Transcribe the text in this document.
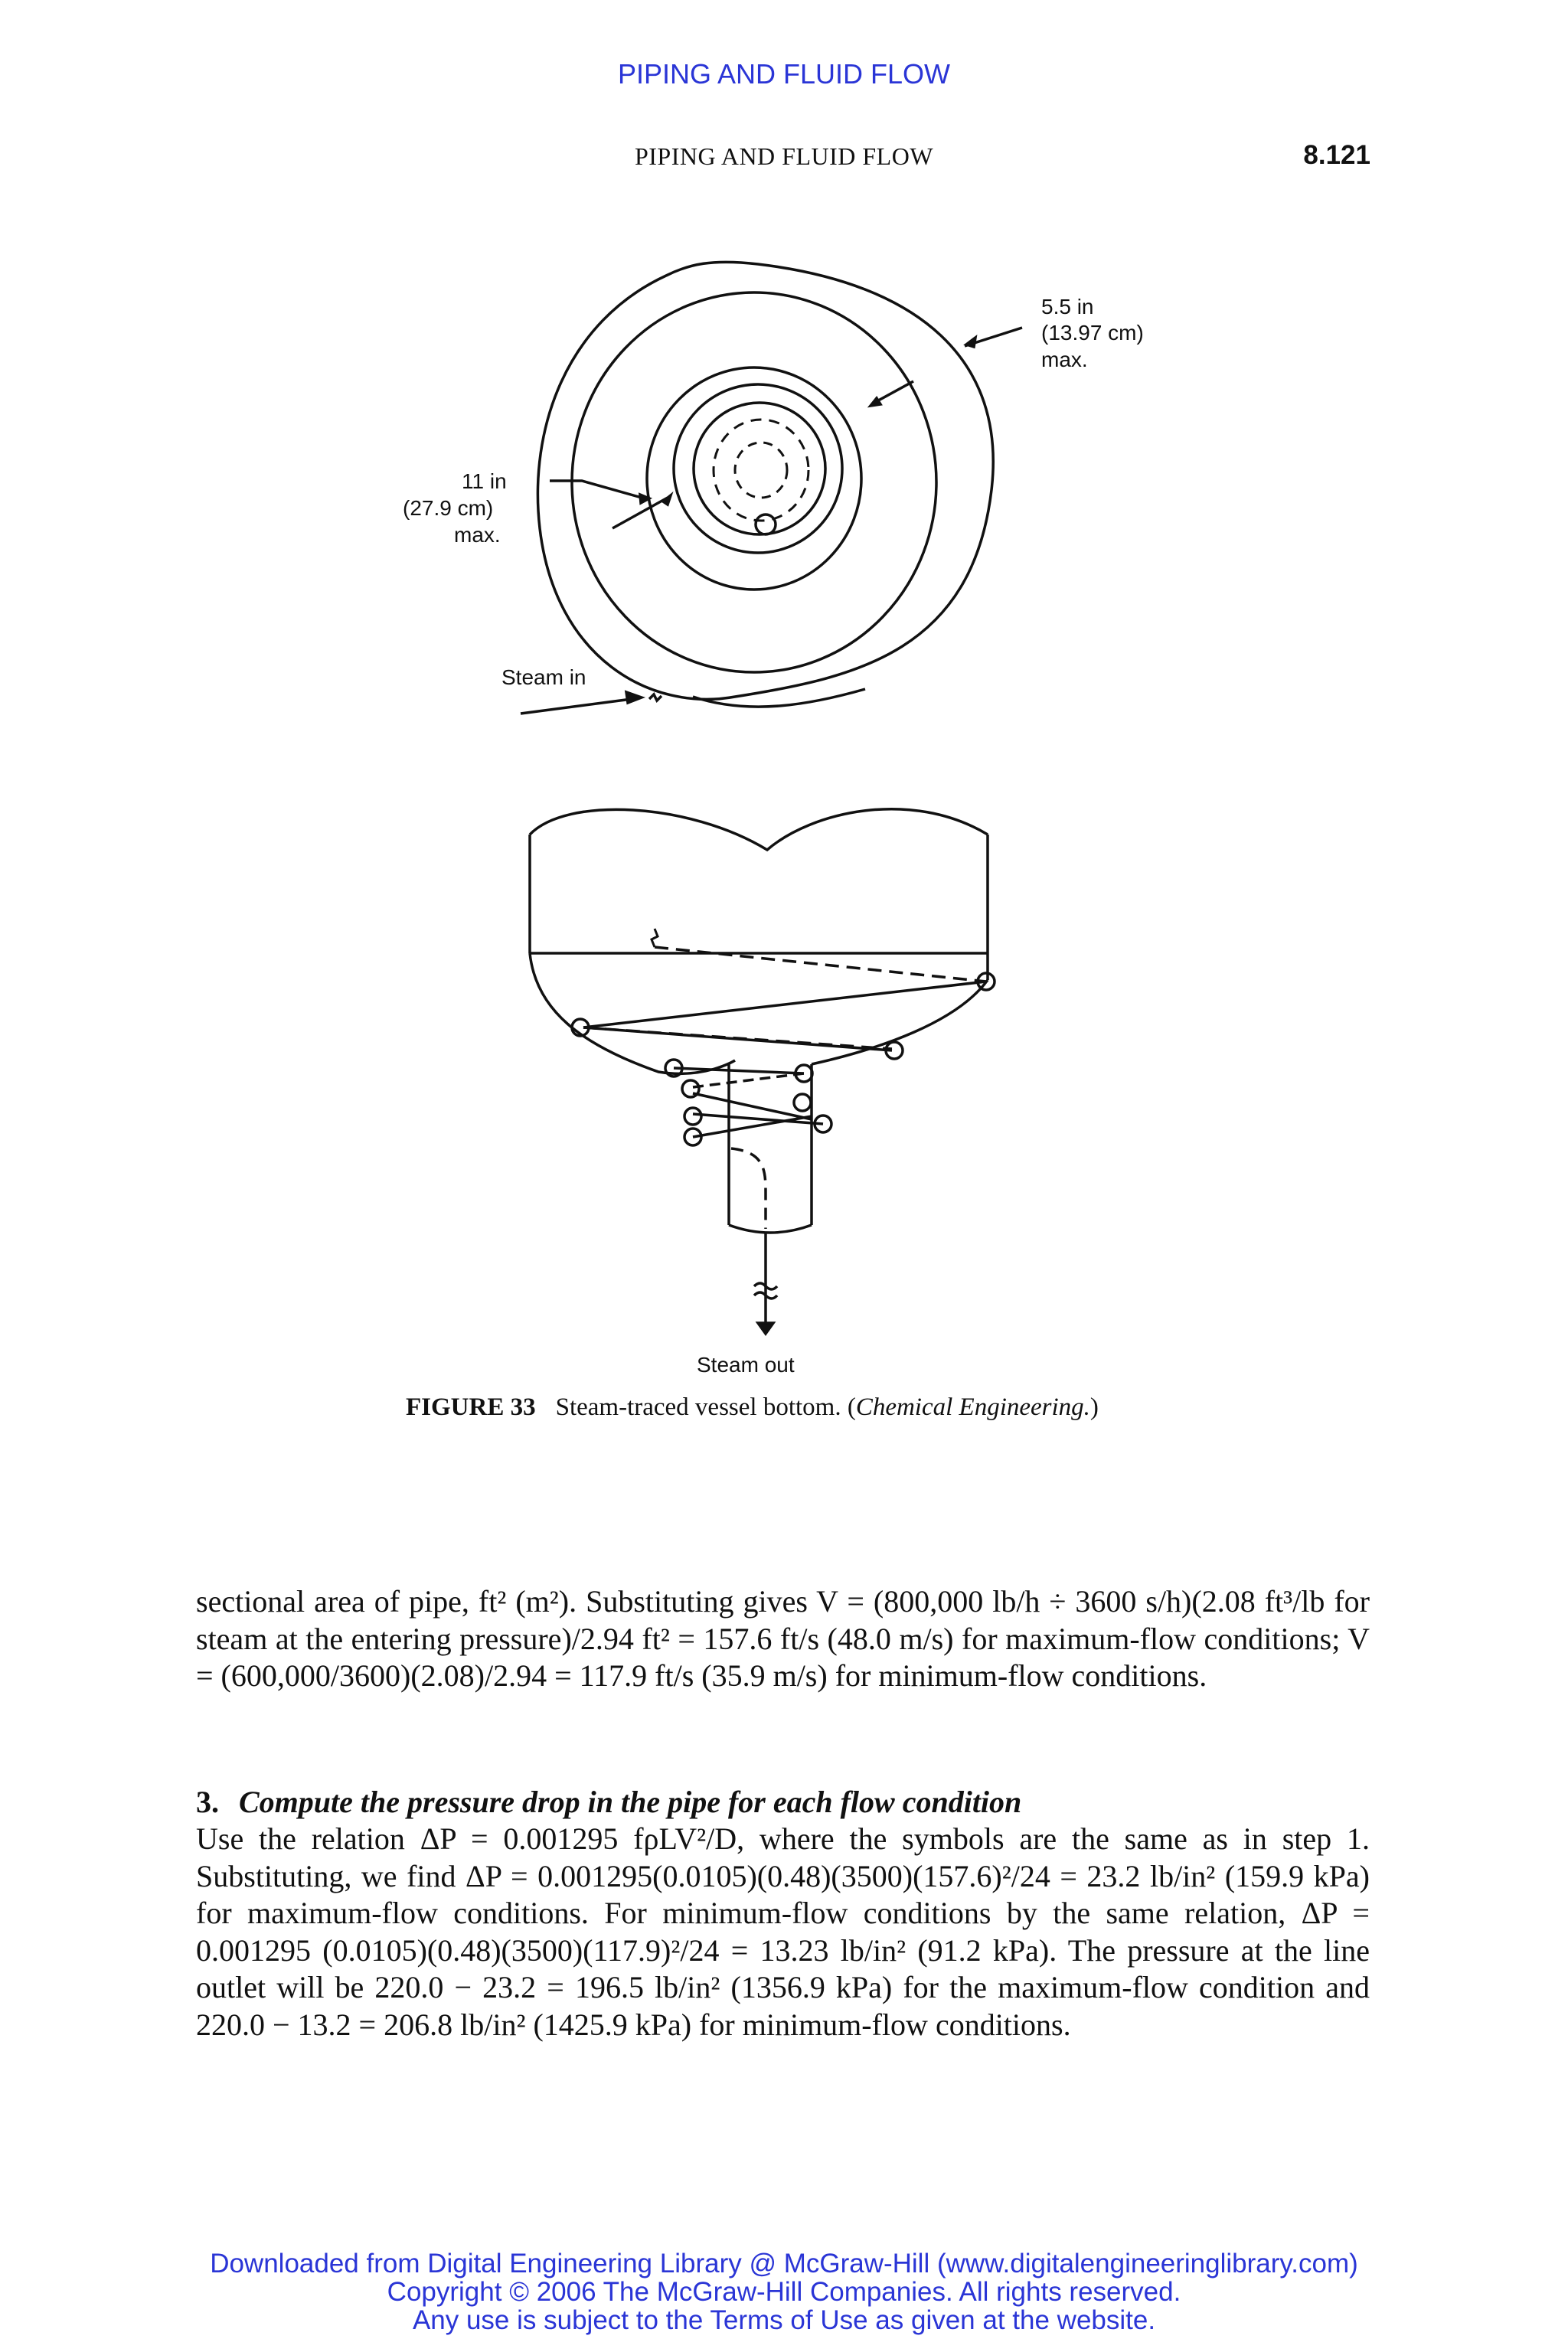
PIPING AND FLUID FLOW
PIPING AND FLUID FLOW	8.121
5.5 in
(13.97 cm)
max.
11 in
(27.9 cm)
max.
Steam in
Steam out
FIGURE 33 Steam-traced vessel bottom. (Chemical Engineering.)
sectional area of pipe, ft² (m²). Substituting gives V = (800,000 lb/h ÷ 3600 s/h)(2.08 ft³/lb for steam at the entering pressure)/2.94 ft² = 157.6 ft/s (48.0 m/s) for maximum-flow conditions; V = (600,000/3600)(2.08)/2.94 = 117.9 ft/s (35.9 m/s) for minimum-flow conditions.
3. Compute the pressure drop in the pipe for each flow condition
Use the relation ΔP = 0.001295 fρLV²/D, where the symbols are the same as in step 1. Substituting, we find ΔP = 0.001295(0.0105)(0.48)(3500)(157.6)²/24 = 23.2 lb/in² (159.9 kPa) for maximum-flow conditions. For minimum-flow conditions by the same relation, ΔP = 0.001295 (0.0105)(0.48)(3500)(117.9)²/24 = 13.23 lb/in² (91.2 kPa). The pressure at the line outlet will be 220.0 − 23.2 = 196.5 lb/in² (1356.9 kPa) for the maximum-flow condition and 220.0 − 13.2 = 206.8 lb/in² (1425.9 kPa) for minimum-flow conditions.
Downloaded from Digital Engineering Library @ McGraw-Hill (www.digitalengineeringlibrary.com)
Copyright © 2006 The McGraw-Hill Companies. All rights reserved.
Any use is subject to the Terms of Use as given at the website.
